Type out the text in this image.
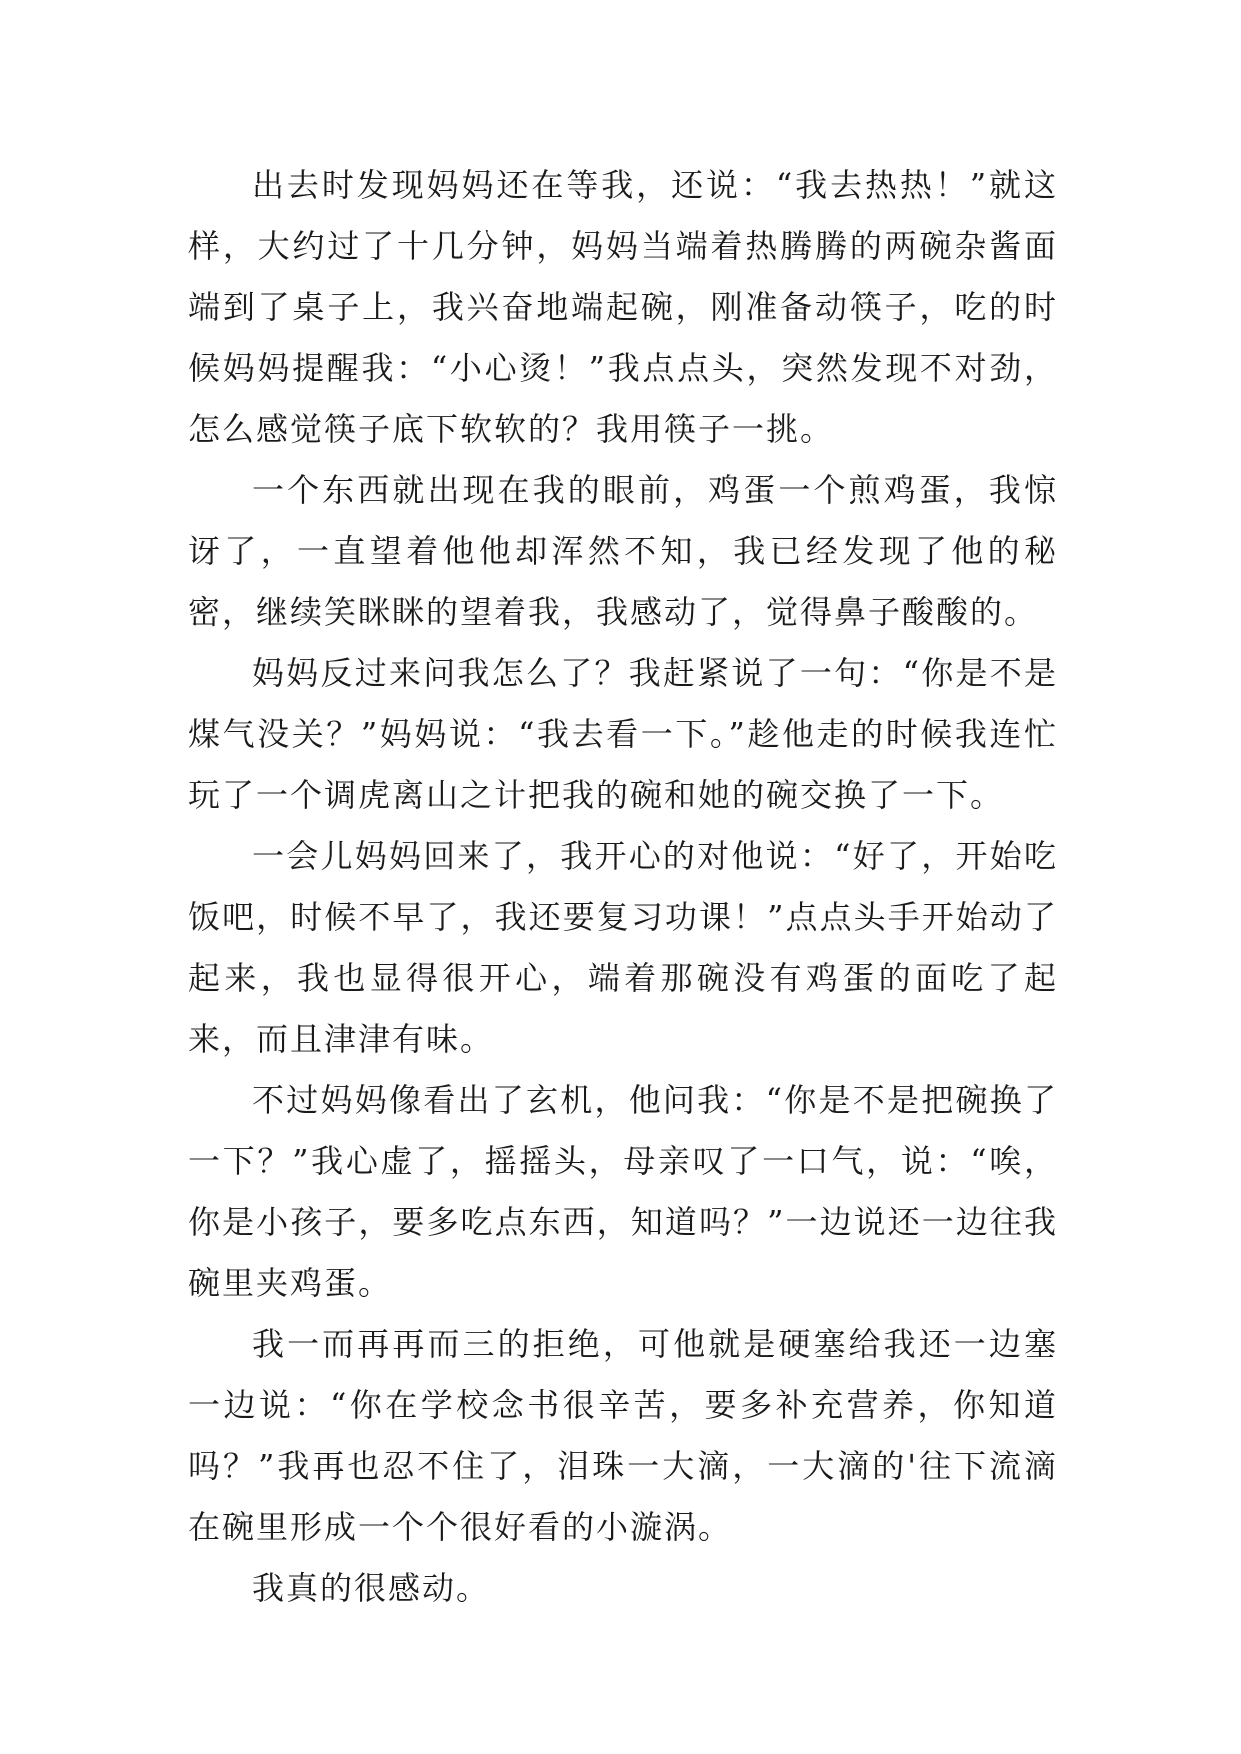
出去时发现妈妈还在等我，还说：“我去热热！”就这样，大约过了十几分钟，妈妈当端着热腾腾的两碗杂酱面端到了桌子上，我兴奋地端起碗，刚准备动筷子，吃的时候妈妈提醒我：“小心烫！”我点点头，突然发现不对劲，怎么感觉筷子底下软软的？我用筷子一挑。

一个东西就出现在我的眼前，鸡蛋一个煎鸡蛋，我惊讶了，一直望着他他却浑然不知，我已经发现了他的秘密，继续笑眯眯的望着我，我感动了，觉得鼻子酸酸的。

妈妈反过来问我怎么了？我赶紧说了一句：“你是不是煤气没关？”妈妈说：“我去看一下。”趁他走的时候我连忙玩了一个调虎离山之计把我的碗和她的碗交换了一下。

一会儿妈妈回来了，我开心的对他说：“好了，开始吃饭吧，时候不早了，我还要复习功课！”点点头手开始动了起来，我也显得很开心，端着那碗没有鸡蛋的面吃了起来，而且津津有味。

不过妈妈像看出了玄机，他问我：“你是不是把碗换了一下？”我心虚了，摇摇头，母亲叹了一口气，说：“唉，你是小孩子，要多吃点东西，知道吗？”一边说还一边往我碗里夹鸡蛋。

我一而再再而三的拒绝，可他就是硬塞给我还一边塞一边说：“你在学校念书很辛苦，要多补充营养，你知道吗？”我再也忍不住了，泪珠一大滴，一大滴的'往下流滴在碗里形成一个个很好看的小漩涡。

我真的很感动。
